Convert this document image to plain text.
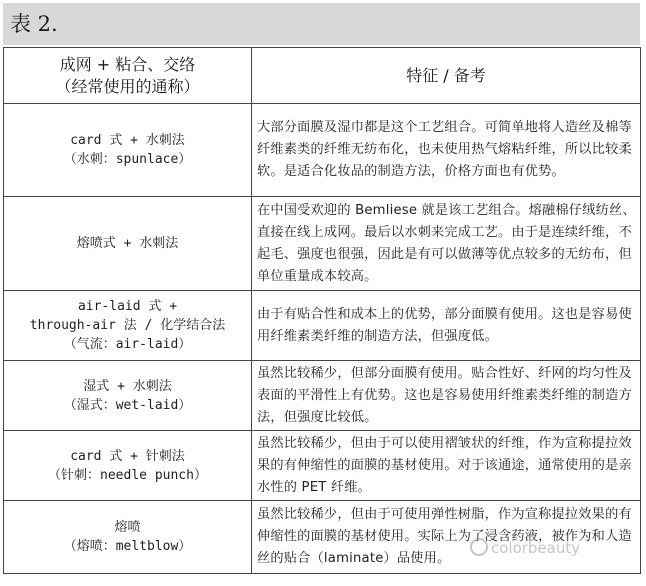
表 2.
成网 + 粘合、交络
（经常使用的通称）	特征 / 备考

card 式 + 水刺法
（水刺：spunlace）	大部分面膜及湿巾都是这个工艺组合。可简单地将人造丝及棉等纤维素类的纤维无纺布化，也未使用热气熔粘纤维，所以比较柔软。是适合化妆品的制造方法，价格方面也有优势。

熔喷式 + 水刺法	在中国受欢迎的 Bemliese 就是该工艺组合。熔融棉仔绒纺丝、直接在线上成网。最后以水刺来完成工艺。由于是连续纤维，不起毛、强度也很强，因此是有可以做薄等优点较多的无纺布，但单位重量成本较高。

air-laid 式 +
through-air 法 / 化学结合法
（气流：air-laid）	由于有贴合性和成本上的优势，部分面膜有使用。这也是容易使用纤维素类纤维的制造方法，但强度低。

湿式 + 水刺法
（湿式：wet-laid）	虽然比较稀少，但部分面膜有使用。贴合性好、纤网的均匀性及表面的平滑性上有优势。这也是容易使用纤维素类纤维的制造方法，但强度比较低。

card 式 + 针刺法
（针刺：needle punch）	虽然比较稀少，但由于可以使用褶皱状的纤维，作为宣称提拉效果的有伸缩性的面膜的基材使用。对于该通途，通常使用的是亲水性的 PET 纤维。

熔喷
（熔喷：meltblow）	虽然比较稀少，但由于可使用弹性树脂，作为宣称提拉效果的有伸缩性的面膜的基材使用。实际上为了浸含药液，被作为和人造丝的贴合（laminate）品使用。
colorbeauty
